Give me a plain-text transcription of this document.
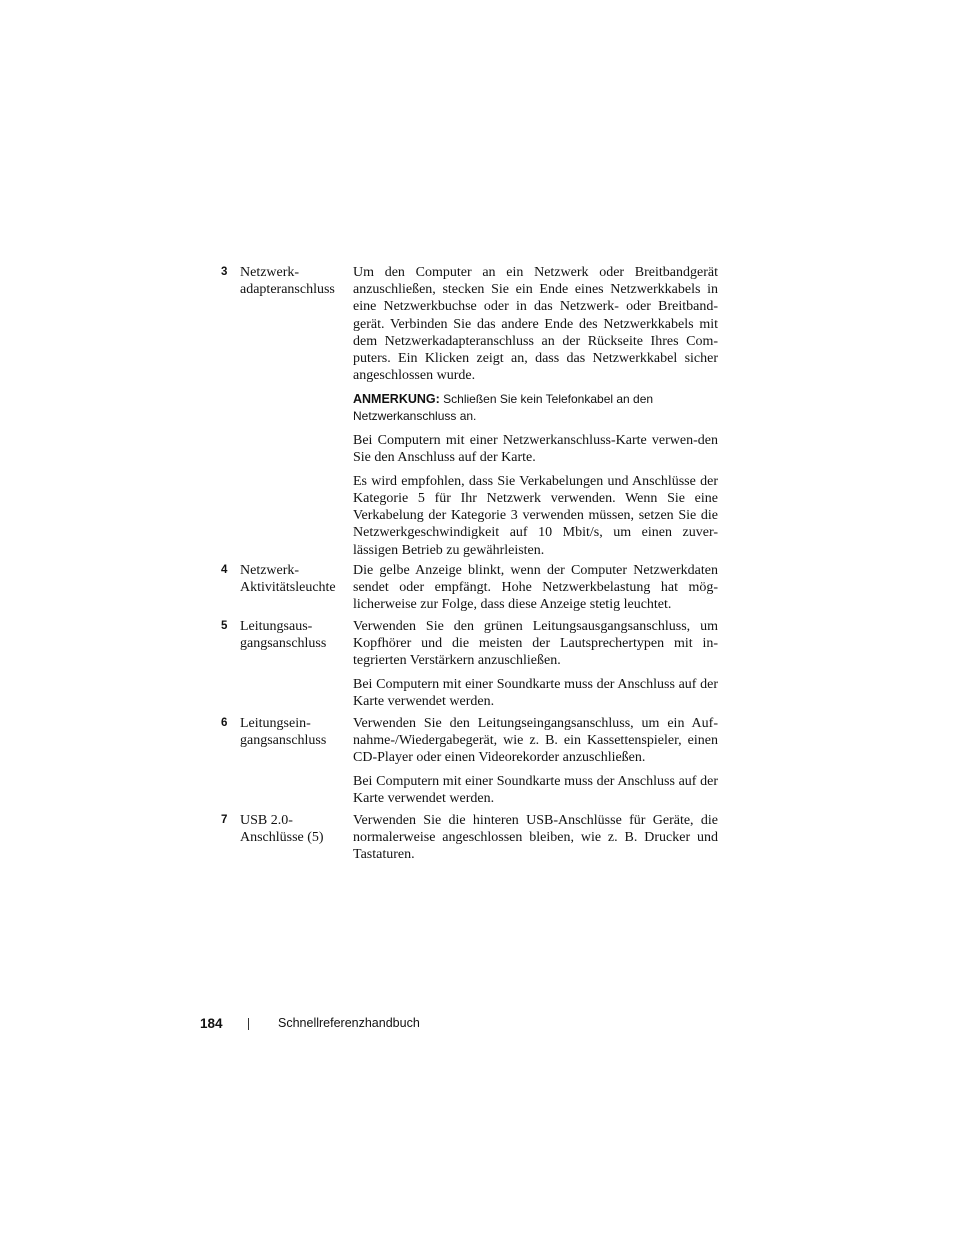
3 Netzwerk-
adapteranschluss

Um den Computer an ein Netzwerk oder Breitbandgerät anzuschließen, stecken Sie ein Ende eines Netzwerkkabels in eine Netzwerkbuchse oder in das Netzwerk- oder Breitband-gerät. Verbinden Sie das andere Ende des Netzwerkkabels mit dem Netzwerkadapteranschluss an der Rückseite Ihres Com-puters. Ein Klicken zeigt an, dass das Netzwerkkabel sicher angeschlossen wurde.

ANMERKUNG: Schließen Sie kein Telefonkabel an den Netzwerkanschluss an.

Bei Computern mit einer Netzwerkanschluss-Karte verwen-den Sie den Anschluss auf der Karte.

Es wird empfohlen, dass Sie Verkabelungen und Anschlüsse der Kategorie 5 für Ihr Netzwerk verwenden. Wenn Sie eine Verkabelung der Kategorie 3 verwenden müssen, setzen Sie die Netzwerkgeschwindigkeit auf 10 Mbit/s, um einen zuver-lässigen Betrieb zu gewährleisten.

4 Netzwerk-
Aktivitätsleuchte

Die gelbe Anzeige blinkt, wenn der Computer Netzwerkdaten sendet oder empfängt. Hohe Netzwerkbelastung hat mög-licherweise zur Folge, dass diese Anzeige stetig leuchtet.

5 Leitungsaus-
gangsanschluss

Verwenden Sie den grünen Leitungsausgangsanschluss, um Kopfhörer und die meisten der Lautsprechertypen mit in-tegrierten Verstärkern anzuschließen.

Bei Computern mit einer Soundkarte muss der Anschluss auf der Karte verwendet werden.

6 Leitungsein-
gangsanschluss

Verwenden Sie den Leitungseingangsanschluss, um ein Auf-nahme-/Wiedergabegerät, wie z. B. ein Kassettenspieler, einen CD-Player oder einen Videorekorder anzuschließen.

Bei Computern mit einer Soundkarte muss der Anschluss auf der Karte verwendet werden.

7 USB 2.0-
Anschlüsse (5)

Verwenden Sie die hinteren USB-Anschlüsse für Geräte, die normalerweise angeschlossen bleiben, wie z. B. Drucker und Tastaturen.

184	Schnellreferenzhandbuch
